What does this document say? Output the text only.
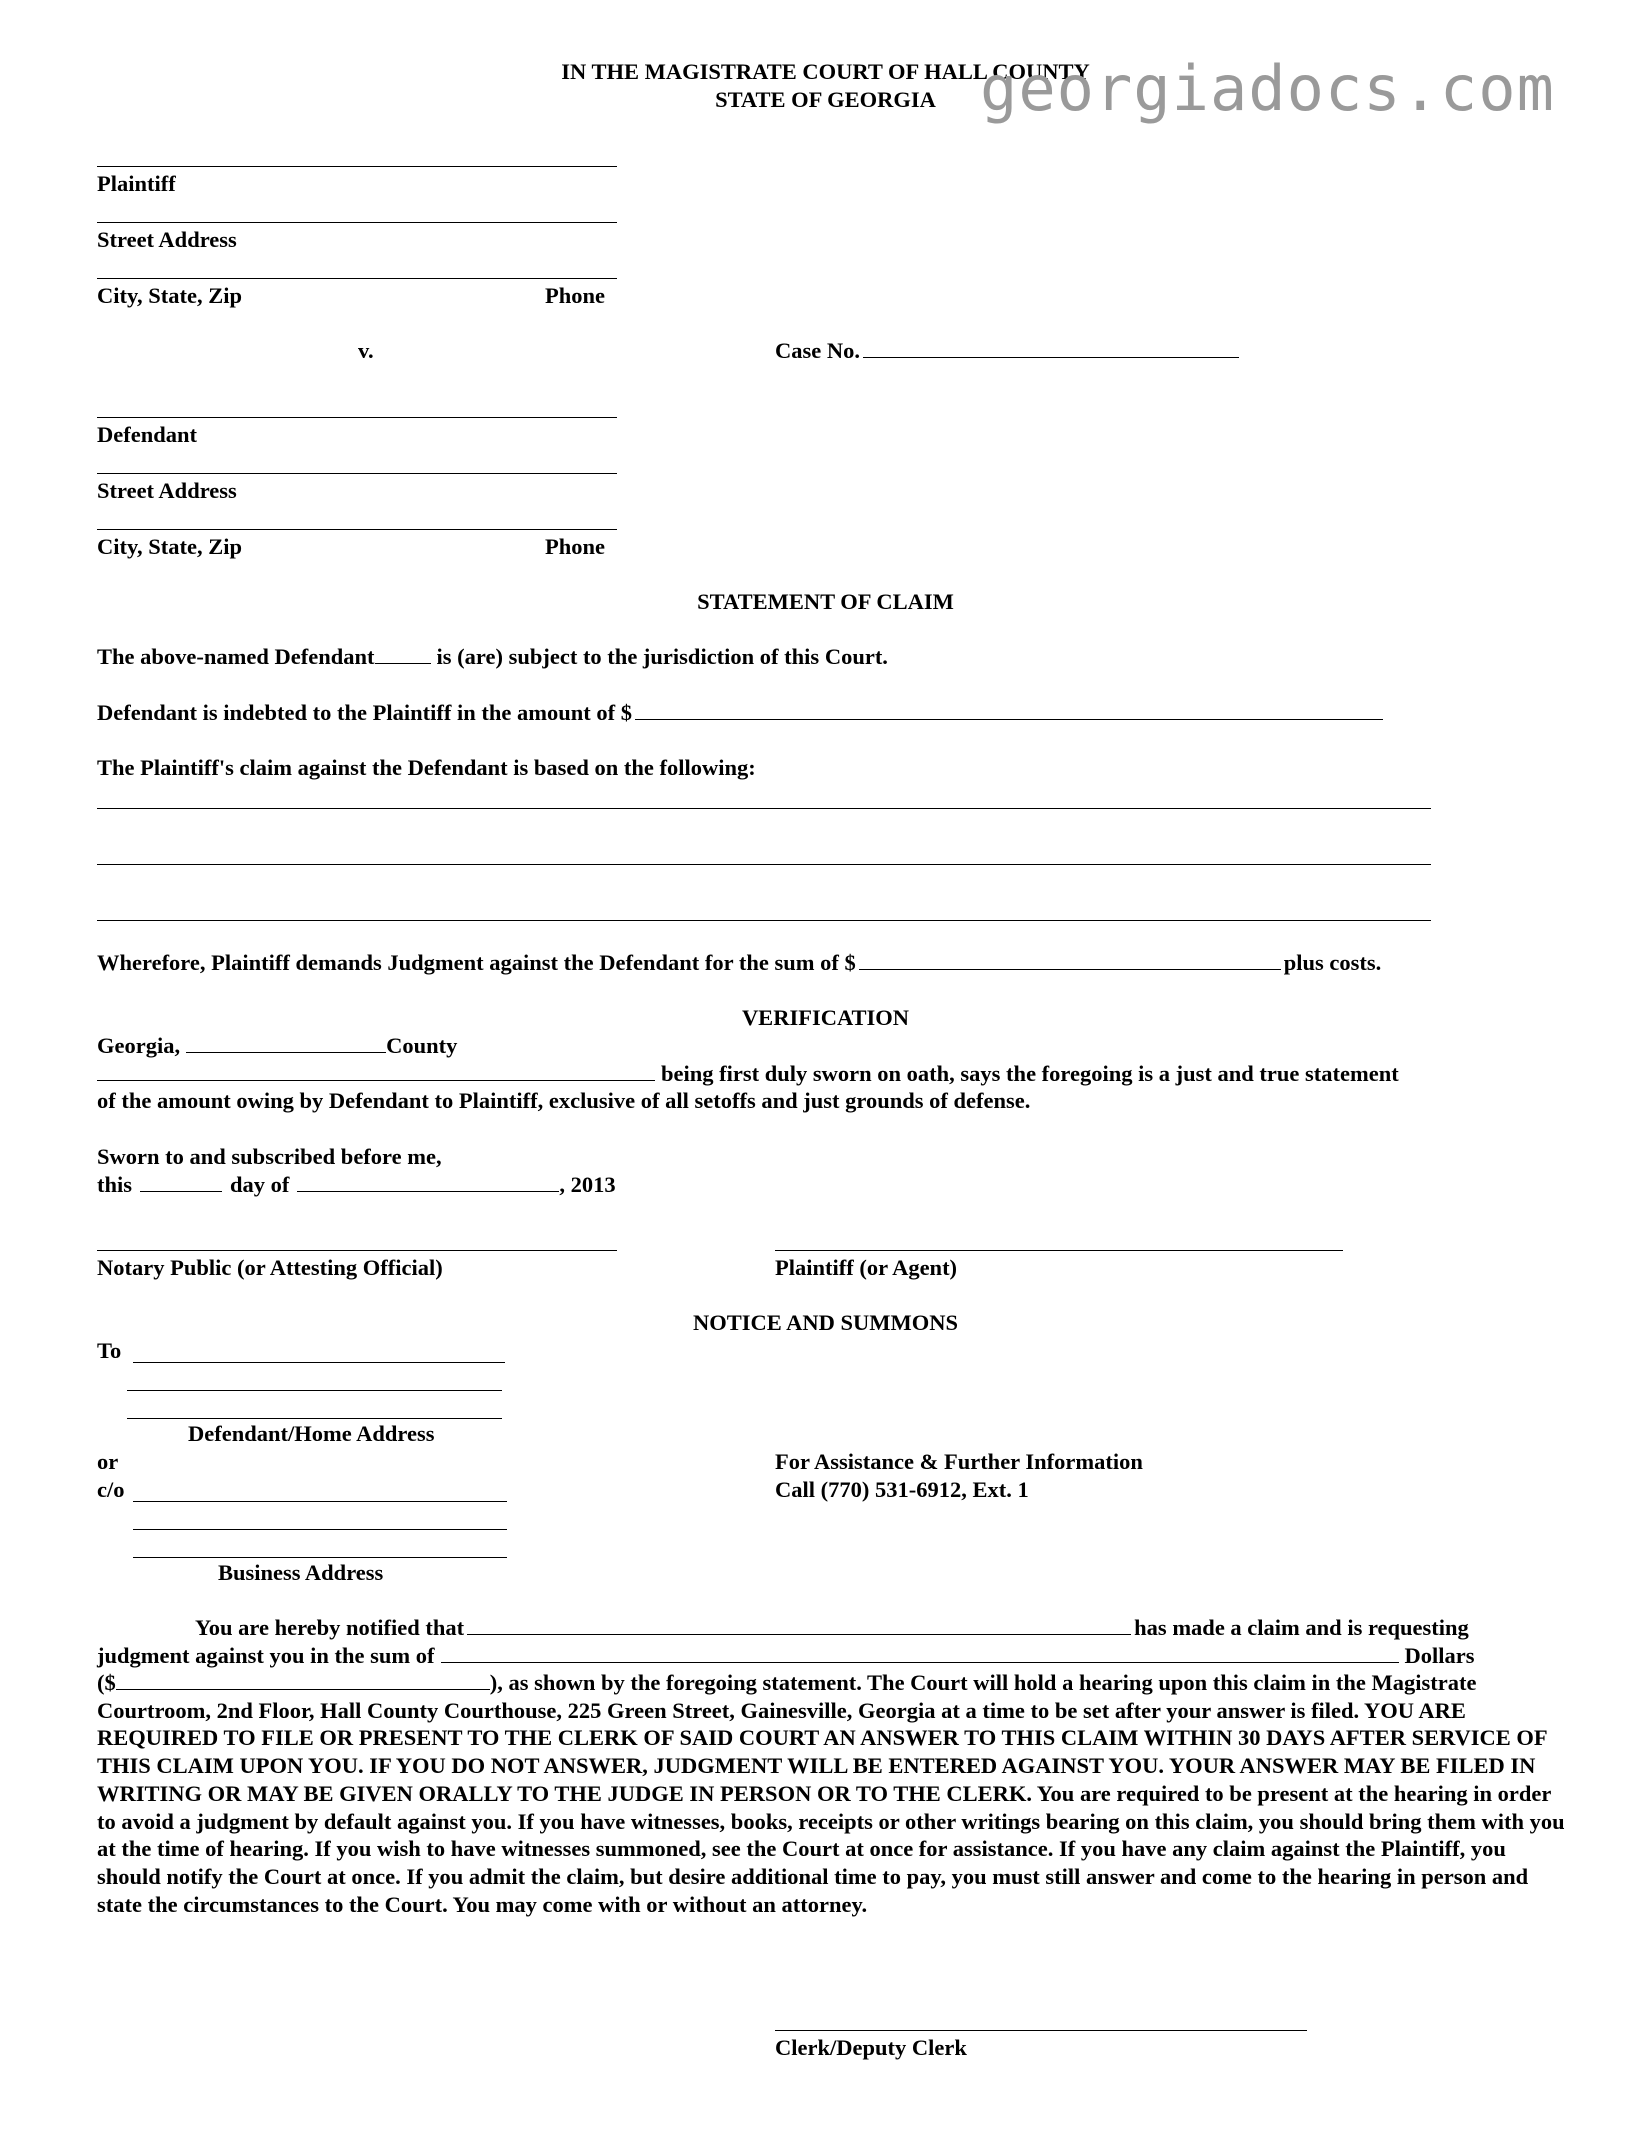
IN THE MAGISTRATE COURT OF HALL COUNTY
STATE OF GEORGIA georgiadocs.com
Plaintiff
Street Address
City, State, Zip	Phone
v.	Case No.
Defendant
Street Address
City, State, Zip	Phone
STATEMENT OF CLAIM
The above-named Defendant	is (are) subject to the jurisdiction of this Court.
Defendant is indebted to the Plaintiff in the amount of $
The Plaintiff's claim against the Defendant is based on the following:
Wherefore, Plaintiff demands Judgment against the Defendant for the sum of $	plus costs.
VERIFICATION
Georgia,	County
being first duly sworn on oath, says the foregoing is a just and true statement
of the amount owing by Defendant to Plaintiff, exclusive of all setoffs and just grounds of defense.
Sworn to and subscribed before me,
this	day of	, 2013
Notary Public (or Attesting Official)	Plaintiff (or Agent)
NOTICE AND SUMMONS
To
Defendant/Home Address
or
c/o
Business Address
For Assistance & Further Information
Call (770) 531-6912, Ext. 1
You are hereby notified that	has made a claim and is requesting
judgment against you in the sum of	Dollars
($	), as shown by the foregoing statement. The Court will hold a hearing upon this claim in the Magistrate Courtroom, 2nd Floor, Hall County Courthouse, 225 Green Street, Gainesville, Georgia at a time to be set after your answer is filed. YOU ARE REQUIRED TO FILE OR PRESENT TO THE CLERK OF SAID COURT AN ANSWER TO THIS CLAIM WITHIN 30 DAYS AFTER SERVICE OF THIS CLAIM UPON YOU. IF YOU DO NOT ANSWER, JUDGMENT WILL BE ENTERED AGAINST YOU. YOUR ANSWER MAY BE FILED IN WRITING OR MAY BE GIVEN ORALLY TO THE JUDGE IN PERSON OR TO THE CLERK. You are required to be present at the hearing in order to avoid a judgment by default against you. If you have witnesses, books, receipts or other writings bearing on this claim, you should bring them with you at the time of hearing. If you wish to have witnesses summoned, see the Court at once for assistance. If you have any claim against the Plaintiff, you should notify the Court at once. If you admit the claim, but desire additional time to pay, you must still answer and come to the hearing in person and state the circumstances to the Court. You may come with or without an attorney.
Clerk/Deputy Clerk
